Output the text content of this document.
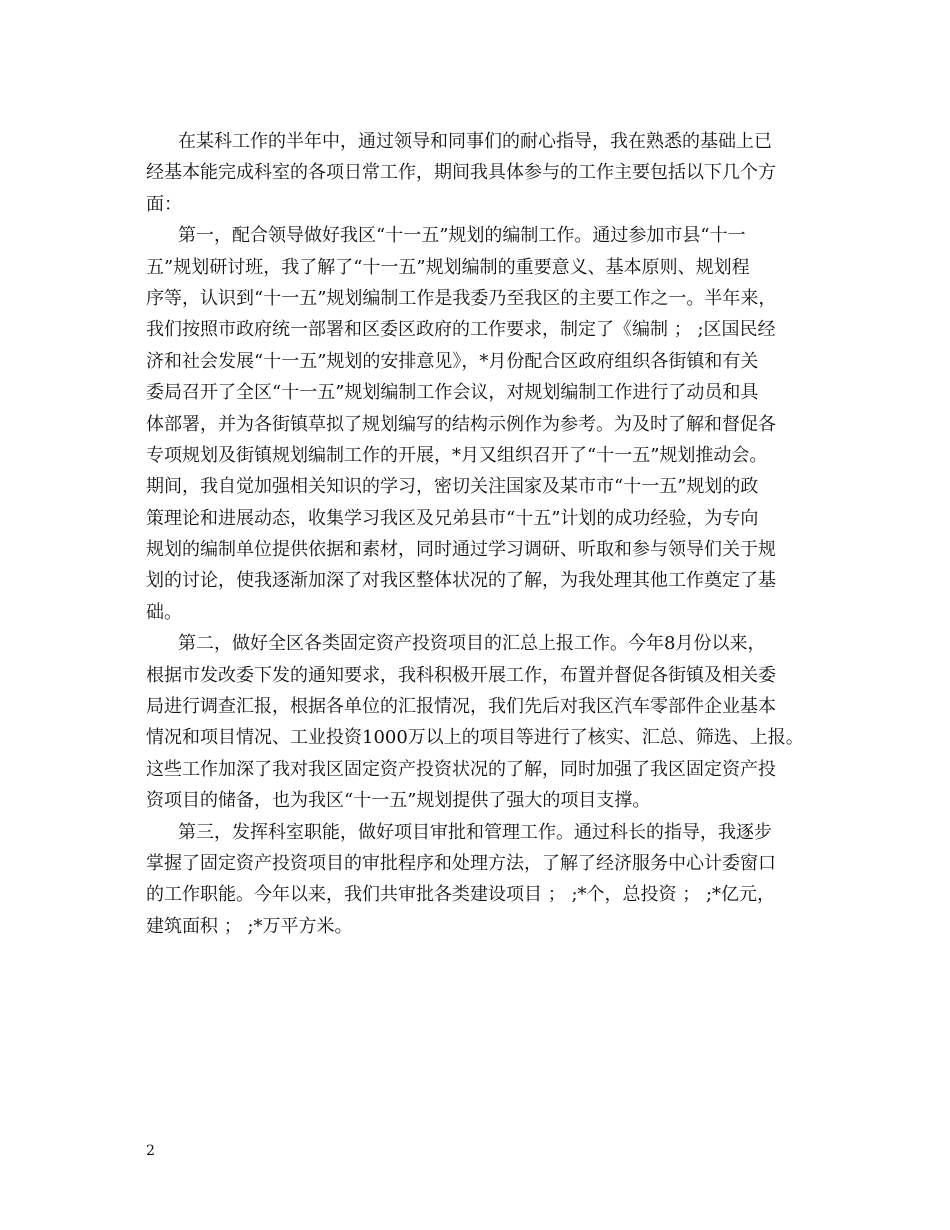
在某科工作的半年中，通过领导和同事们的耐心指导，我在熟悉的基础上已
经基本能完成科室的各项日常工作，期间我具体参与的工作主要包括以下几个方
面：
第一，配合领导做好我区“十一五”规划的编制工作。通过参加市县“十一
五”规划研讨班，我了解了“十一五”规划编制的重要意义、基本原则、规划程
序等，认识到“十一五”规划编制工作是我委乃至我区的主要工作之一。半年来，
我们按照市政府统一部署和区委区政府的工作要求，制定了《编制 ； ;区国民经
济和社会发展“十一五”规划的安排意见》，*月份配合区政府组织各街镇和有关
委局召开了全区“十一五”规划编制工作会议，对规划编制工作进行了动员和具
体部署，并为各街镇草拟了规划编写的结构示例作为参考。为及时了解和督促各
专项规划及街镇规划编制工作的开展，*月又组织召开了“十一五”规划推动会。
期间，我自觉加强相关知识的学习，密切关注国家及某市市“十一五”规划的政
策理论和进展动态，收集学习我区及兄弟县市“十五”计划的成功经验，为专向
规划的编制单位提供依据和素材，同时通过学习调研、听取和参与领导们关于规
划的讨论，使我逐渐加深了对我区整体状况的了解，为我处理其他工作奠定了基
础。
第二，做好全区各类固定资产投资项目的汇总上报工作。今年8月份以来，
根据市发改委下发的通知要求，我科积极开展工作，布置并督促各街镇及相关委
局进行调查汇报，根据各单位的汇报情况，我们先后对我区汽车零部件企业基本
情况和项目情况、工业投资1000万以上的项目等进行了核实、汇总、筛选、上报。
这些工作加深了我对我区固定资产投资状况的了解，同时加强了我区固定资产投
资项目的储备，也为我区“十一五”规划提供了强大的项目支撑。
第三，发挥科室职能，做好项目审批和管理工作。通过科长的指导，我逐步
掌握了固定资产投资项目的审批程序和处理方法，了解了经济服务中心计委窗口
的工作职能。今年以来，我们共审批各类建设项目 ； ;*个，总投资 ； ;*亿元，
建筑面积 ； ;*万平方米。
2
